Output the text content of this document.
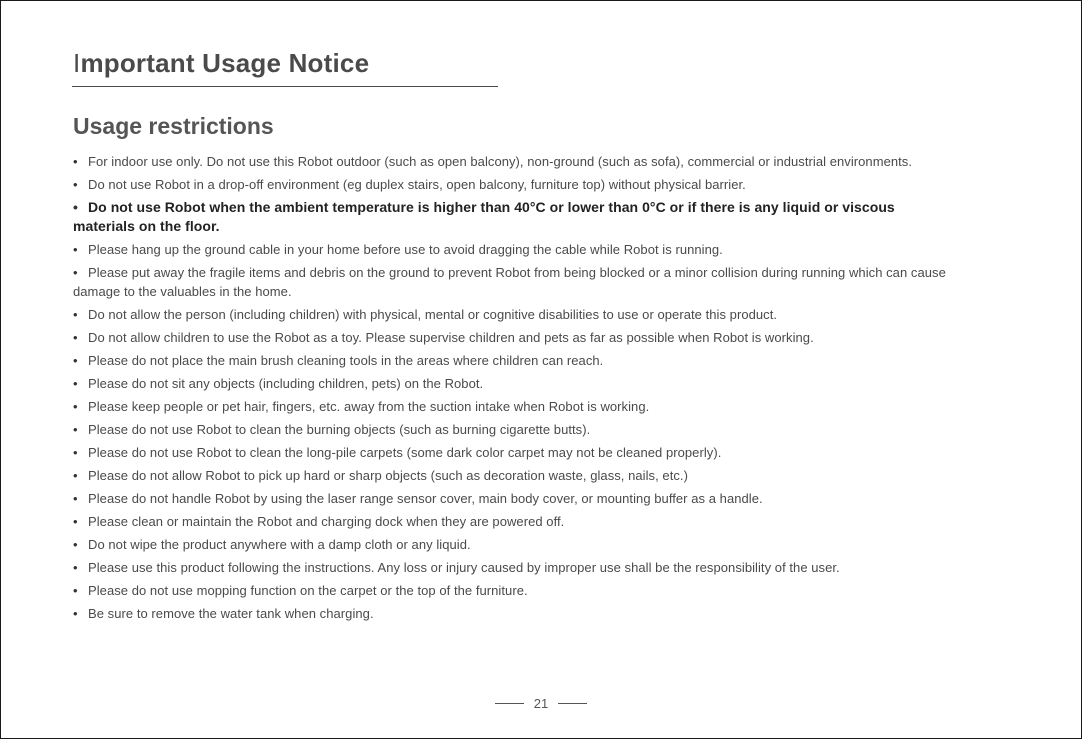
Important Usage Notice
Usage restrictions
• For indoor use only. Do not use this Robot outdoor (such as open balcony), non-ground (such as sofa), commercial or industrial environments.
• Do not use Robot in a drop-off environment (eg duplex stairs, open balcony, furniture top) without physical barrier.
• Do not use Robot when the ambient temperature is higher than 40°C or lower than 0°C or if there is any liquid or viscous materials on the floor.
• Please hang up the ground cable in your home before use to avoid dragging the cable while Robot is running.
• Please put away the fragile items and debris on the ground to prevent Robot from being blocked or a minor collision during running which can cause damage to the valuables in the home.
• Do not allow the person (including children) with physical, mental or cognitive disabilities to use or operate this product.
• Do not allow children to use the Robot as a toy. Please supervise children and pets as far as possible when Robot is working.
• Please do not place the main brush cleaning tools in the areas where children can reach.
• Please do not sit any objects (including children, pets) on the Robot.
• Please keep people or pet hair, fingers, etc. away from the suction intake when Robot is working.
• Please do not use Robot to clean the burning objects (such as burning cigarette butts).
• Please do not use Robot to clean the long-pile carpets (some dark color carpet may not be cleaned properly).
• Please do not allow Robot to pick up hard or sharp objects (such as decoration waste, glass, nails, etc.)
• Please do not handle Robot by using the laser range sensor cover, main body cover, or mounting buffer as a handle.
• Please clean or maintain the Robot and charging dock when they are powered off.
• Do not wipe the product anywhere with a damp cloth or any liquid.
• Please use this product following the instructions. Any loss or injury caused by improper use shall be the responsibility of the user.
• Please do not use mopping function on the carpet or the top of the furniture.
• Be sure to remove the water tank when charging.
21
